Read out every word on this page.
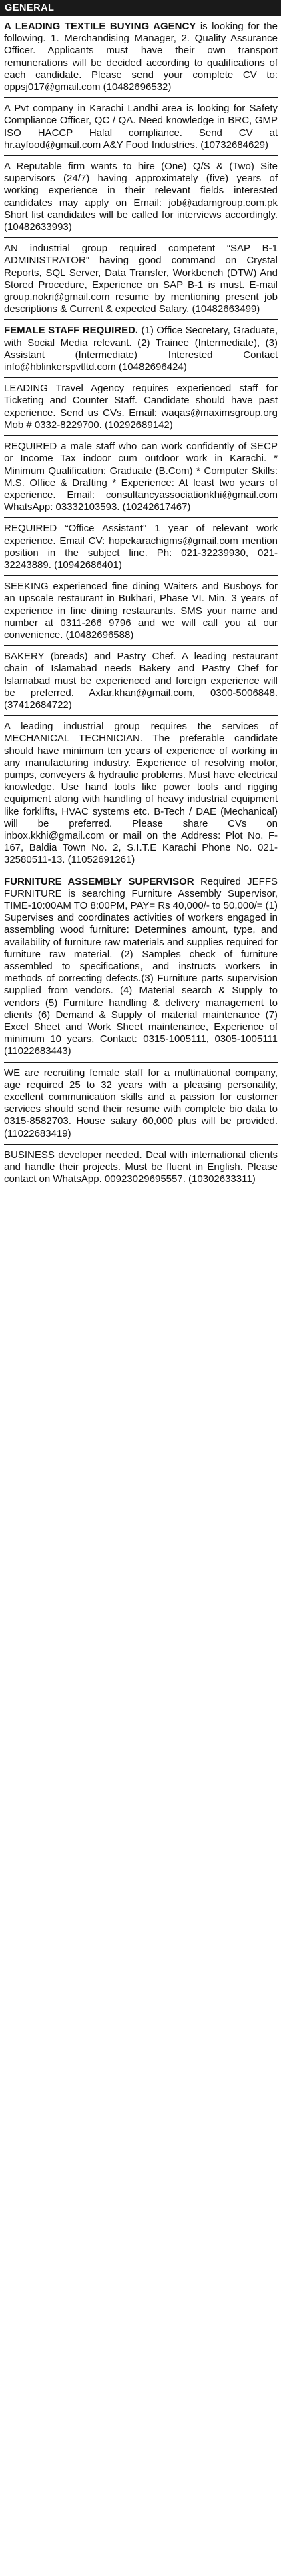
GENERAL

A LEADING TEXTILE BUYING AGENCY is looking for the following. 1. Merchandising Manager, 2. Quality Assurance Officer. Applicants must have their own transport remunerations will be decided according to qualifications of each candidate. Please send your complete CV to: oppsj017@gmail.com (10482696532)

A Pvt company in Karachi Landhi area is looking for Safety Compliance Officer, QC / QA. Need knowledge in BRC, GMP ISO HACCP Halal compliance. Send CV at hr.ayfood@gmail.com A&Y Food Industries. (10732684629)

A Reputable firm wants to hire (One) Q/S & (Two) Site supervisors (24/7) having approximately (five) years of working experience in their relevant fields interested candidates may apply on Email: job@adamgroup.com.pk Short list candidates will be called for interviews accordingly. (10482633993)

AN industrial group required competent “SAP B-1 ADMINISTRATOR” having good command on Crystal Reports, SQL Server, Data Transfer, Workbench (DTW) And Stored Procedure, Experience on SAP B-1 is must. E-mail group.nokri@gmail.com resume by mentioning present job descriptions & Current & expected Salary. (10482663499)

FEMALE STAFF REQUIRED. (1) Office Secretary, Graduate, with Social Media relevant. (2) Trainee (Intermediate), (3) Assistant (Intermediate) Interested Contact info@hblinkerspvtltd.com (10482696424)

LEADING Travel Agency requires experienced staff for Ticketing and Counter Staff. Candidate should have past experience. Send us CVs. Email: waqas@maximsgroup.org Mob # 0332-8229700. (10292689142)

REQUIRED a male staff who can work confidently of SECP or Income Tax indoor cum outdoor work in Karachi. * Minimum Qualification: Graduate (B.Com) * Computer Skills: M.S. Office & Drafting * Experience: At least two years of experience. Email: consultancyassociationkhi@gmail.com WhatsApp: 03332103593. (10242617467)

REQUIRED “Office Assistant” 1 year of relevant work experience. Email CV: hopekarachigms@gmail.com mention position in the subject line. Ph: 021-32239930, 021-32243889. (10942686401)

SEEKING experienced fine dining Waiters and Busboys for an upscale restaurant in Bukhari, Phase VI. Min. 3 years of experience in fine dining restaurants. SMS your name and number at 0311-266 9796 and we will call you at our convenience. (10482696588)

BAKERY (breads) and Pastry Chef. A leading restaurant chain of Islamabad needs Bakery and Pastry Chef for Islamabad must be experienced and foreign experience will be preferred. Axfar.khan@gmail.com, 0300-5006848. (37412684722)

A leading industrial group requires the services of MECHANICAL TECHNICIAN. The preferable candidate should have minimum ten years of experience of working in any manufacturing industry. Experience of resolving motor, pumps, conveyers & hydraulic problems. Must have electrical knowledge. Use hand tools like power tools and rigging equipment along with handling of heavy industrial equipment like forklifts, HVAC systems etc. B-Tech / DAE (Mechanical) will be preferred. Please share CVs on inbox.kkhi@gmail.com or mail on the Address: Plot No. F-167, Baldia Town No. 2, S.I.T.E Karachi Phone No. 021-32580511-13. (11052691261)

FURNITURE ASSEMBLY SUPERVISOR Required JEFFS FURNITURE is searching Furniture Assembly Supervisor, TIME-10:00AM TO 8:00PM, PAY= Rs 40,000/- to 50,000/= (1) Supervises and coordinates activities of workers engaged in assembling wood furniture: Determines amount, type, and availability of furniture raw materials and supplies required for furniture raw material. (2) Samples check of furniture assembled to specifications, and instructs workers in methods of correcting defects.(3) Furniture parts supervision supplied from vendors. (4) Material search & Supply to vendors (5) Furniture handling & delivery management to clients (6) Demand & Supply of material maintenance (7) Excel Sheet and Work Sheet maintenance, Experience of minimum 10 years. Contact: 0315-1005111, 0305-1005111 (11022683443)

WE are recruiting female staff for a multinational company, age required 25 to 32 years with a pleasing personality, excellent communication skills and a passion for customer services should send their resume with complete bio data to 0315-8582703. House salary 60,000 plus will be provided. (11022683419)

BUSINESS developer needed. Deal with international clients and handle their projects. Must be fluent in English. Please contact on WhatsApp. 00923029695557. (10302633311)
